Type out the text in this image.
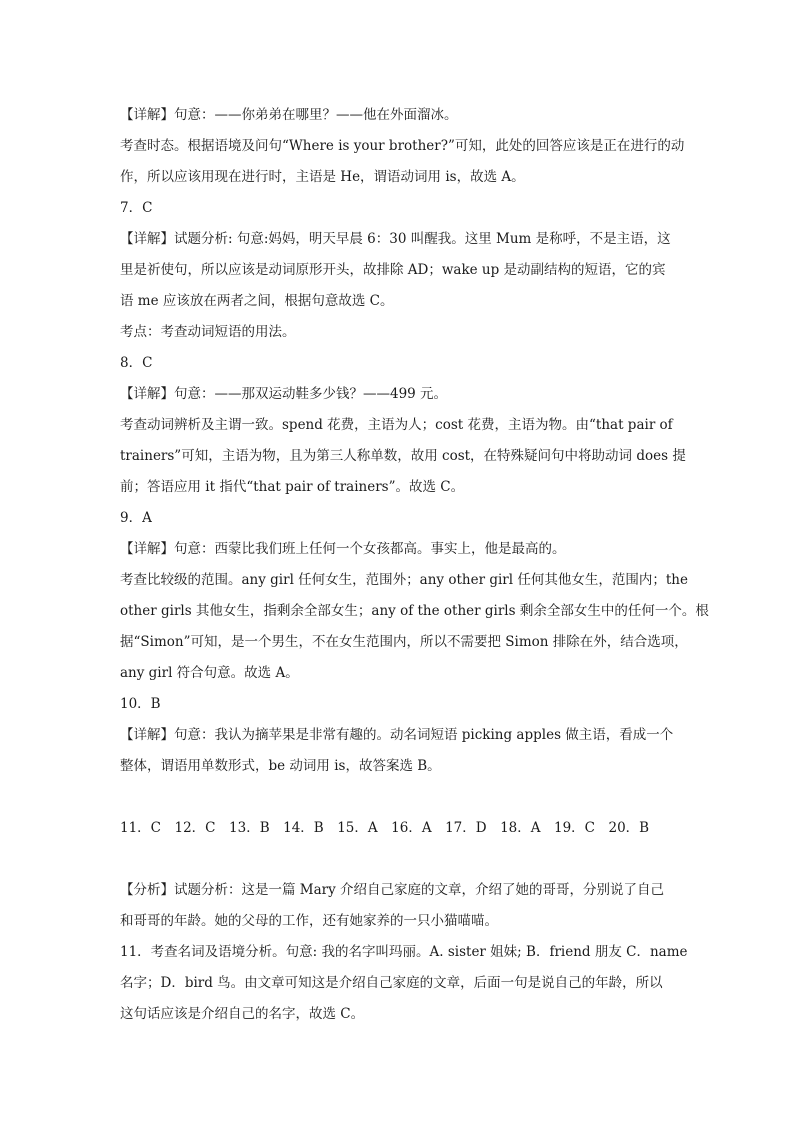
【详解】句意：——你弟弟在哪里？——他在外面溜冰。

考查时态。根据语境及问句“Where is your brother?”可知，此处的回答应该是正在进行的动

作，所以应该用现在进行时，主语是 He，谓语动词用 is，故选 A。

7．C

【详解】试题分析: 句意:妈妈，明天早晨 6：30 叫醒我。这里 Mum 是称呼，不是主语，这

里是祈使句，所以应该是动词原形开头，故排除 AD；wake up 是动副结构的短语，它的宾

语 me 应该放在两者之间，根据句意故选 C。

考点：考查动词短语的用法。

8．C

【详解】句意：——那双运动鞋多少钱？——499 元。

考查动词辨析及主谓一致。spend 花费，主语为人；cost 花费，主语为物。由“that pair of

trainers”可知，主语为物，且为第三人称单数，故用 cost，在特殊疑问句中将助动词 does 提

前；答语应用 it 指代“that pair of trainers”。故选 C。

9．A

【详解】句意：西蒙比我们班上任何一个女孩都高。事实上，他是最高的。

考查比较级的范围。any girl 任何女生，范围外；any other girl 任何其他女生，范围内；the

other girls 其他女生，指剩余全部女生；any of the other girls 剩余全部女生中的任何一个。根

据“Simon”可知，是一个男生，不在女生范围内，所以不需要把 Simon 排除在外，结合选项，

any girl 符合句意。故选 A。

10．B

【详解】句意：我认为摘苹果是非常有趣的。动名词短语 picking apples 做主语，看成一个

整体，谓语用单数形式，be 动词用 is，故答案选 B。

11．C　12．C　13．B　14．B　15．A　16．A　17．D　18．A　19．C　20．B

【分析】试题分析：这是一篇 Mary 介绍自己家庭的文章，介绍了她的哥哥，分别说了自己

和哥哥的年龄。她的父母的工作，还有她家养的一只小猫喵喵。

11．考查名词及语境分析。句意: 我的名字叫玛丽。A. sister 姐妹; B．friend 朋友 C．name

名字；D．bird 鸟。由文章可知这是介绍自己家庭的文章，后面一句是说自己的年龄，所以

这句话应该是介绍自己的名字，故选 C。
